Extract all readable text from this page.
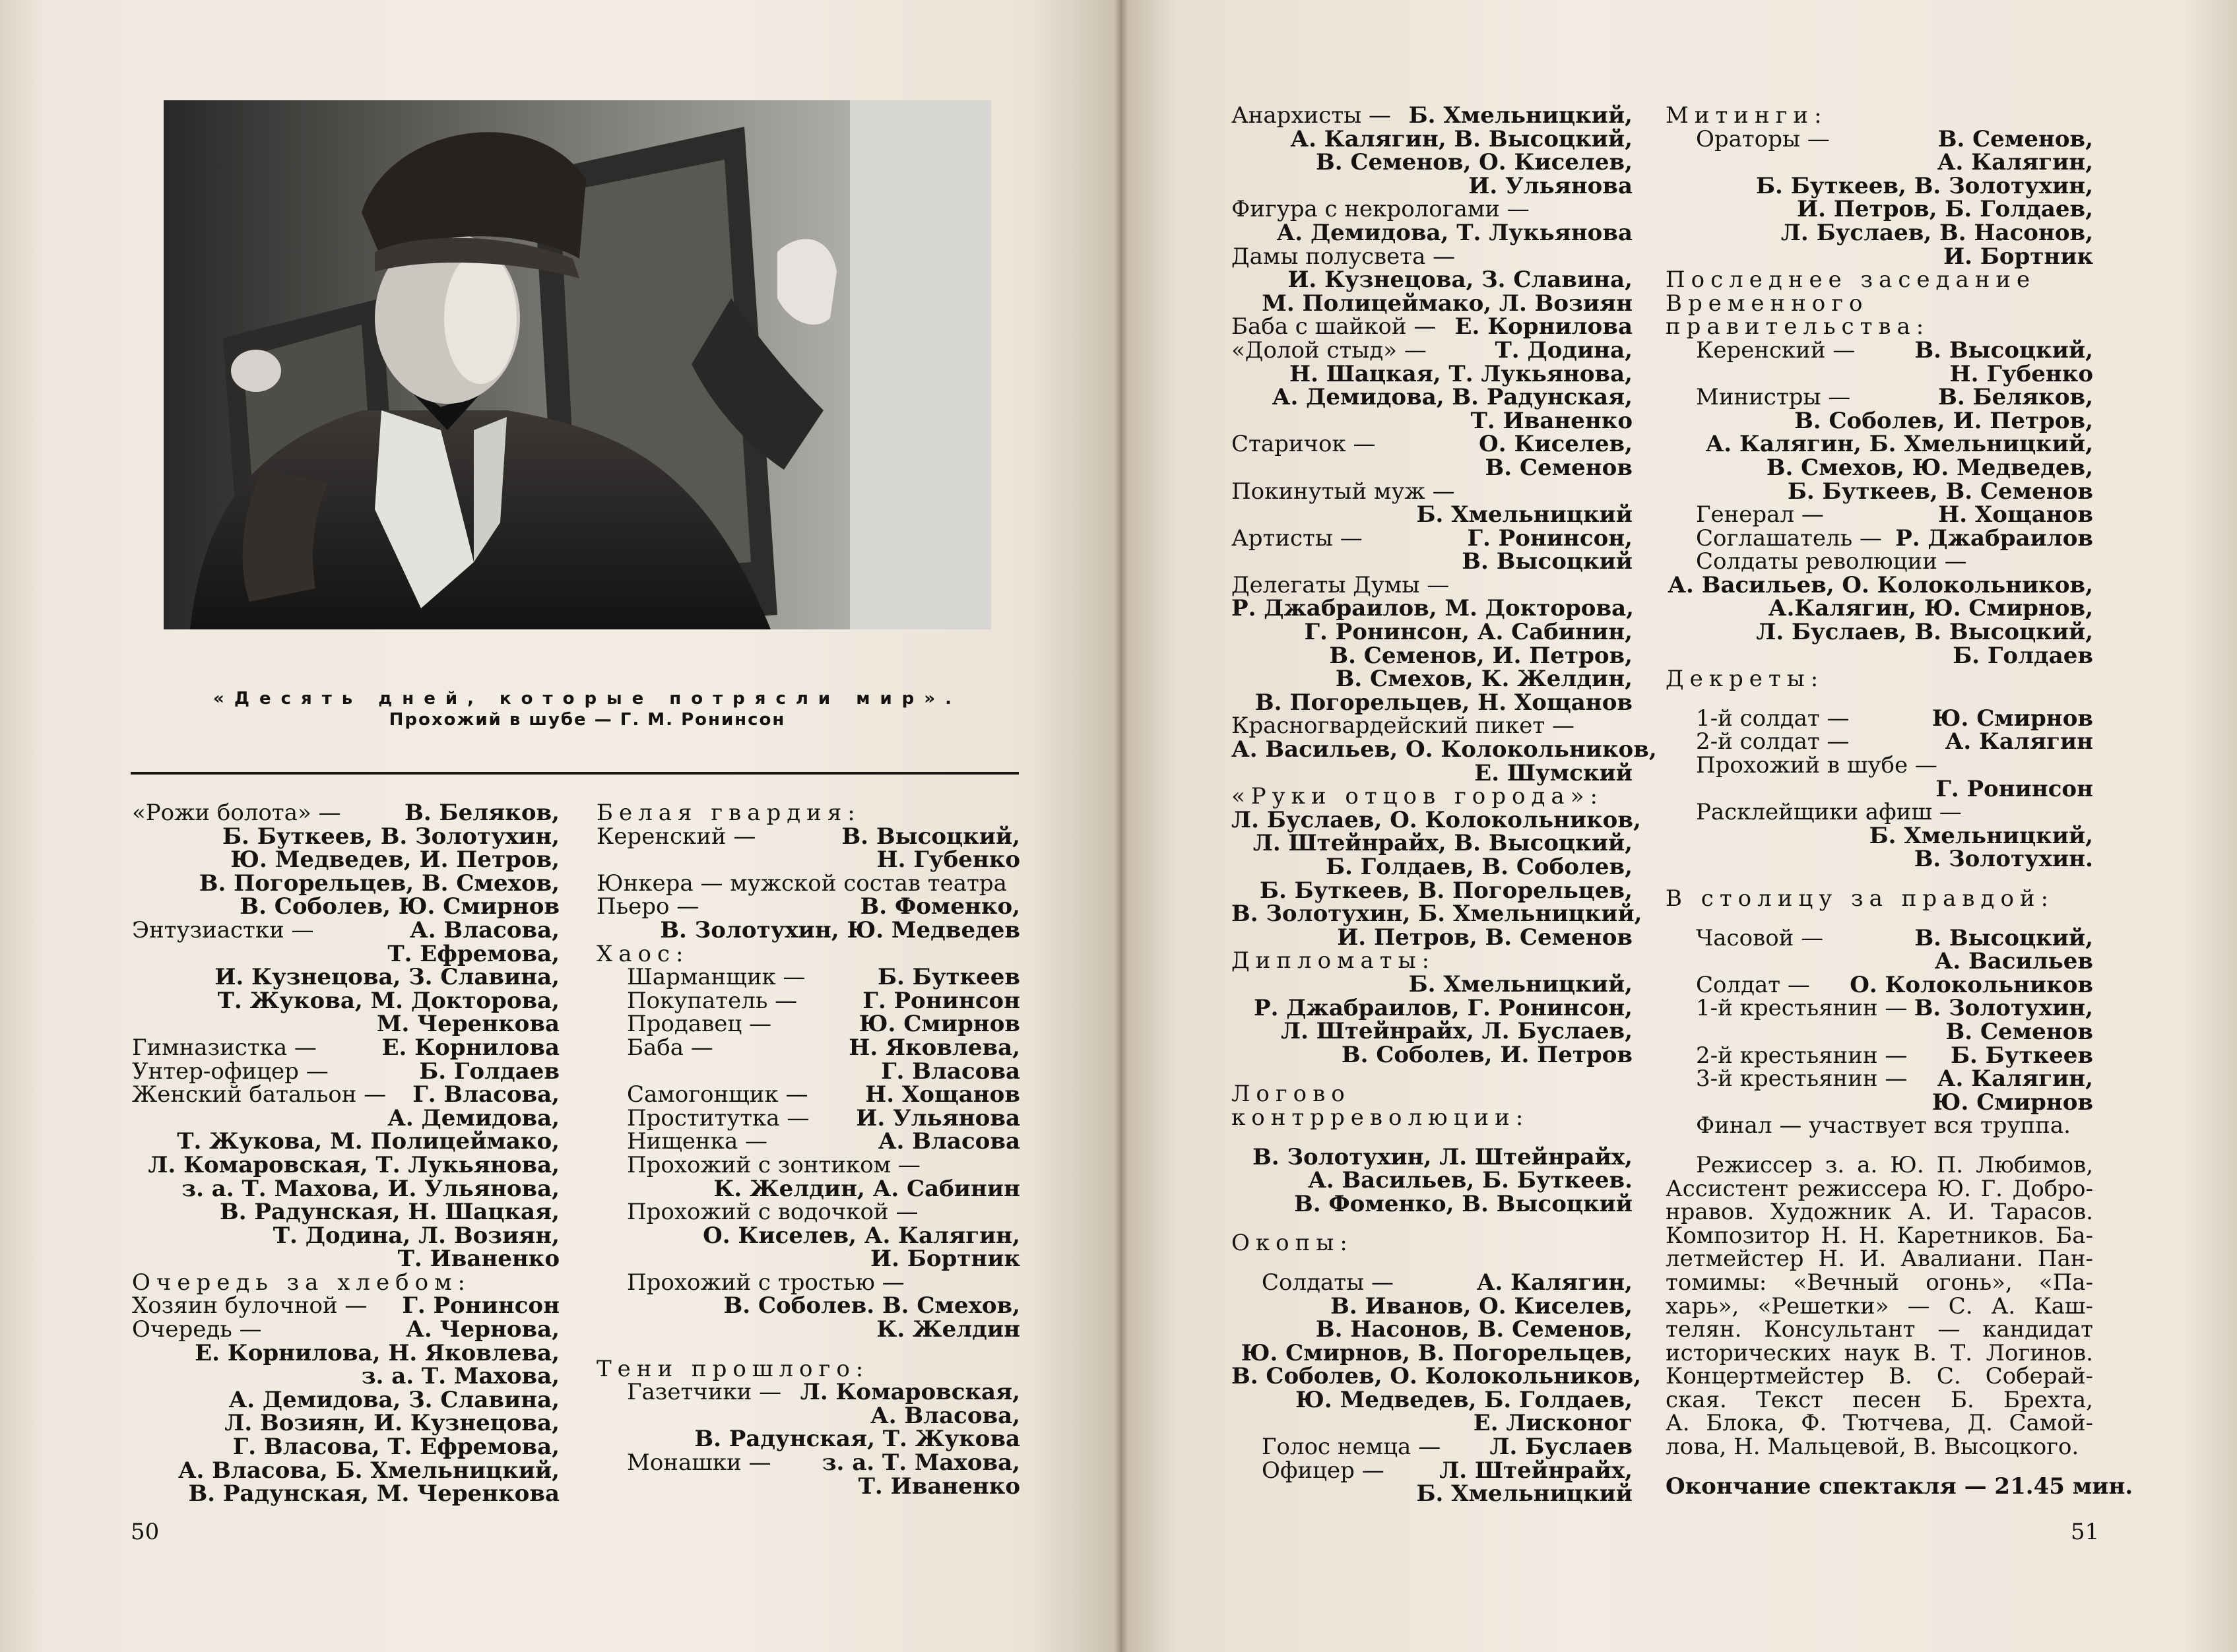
«Десять дней, которые потрясли мир».
Прохожий в шубе — Г. М. Ронинсон
«Рожи болота» —	В. Беляков,
Б. Буткеев, В. Золотухин,
Ю. Медведев, И. Петров,
В. Погорельцев, В. Смехов,
В. Соболев, Ю. Смирнов
Энтузиастки —	А. Власова,
Т. Ефремова,
И. Кузнецова, З. Славина,
Т. Жукова, М. Докторова,
М. Черенкова
Гимназистка —	Е. Корнилова
Унтер-офицер —	Б. Голдаев
Женский батальон — Г. Власова,
А. Демидова,
Т. Жукова, М. Полицеймако,
Л. Комаровская, Т. Лукьянова,
з. а. Т. Махова, И. Ульянова,
В. Радунская, Н. Шацкая,
Т. Додина, Л. Возиян,
Т. Иваненко
Очередь за хлебом:
Хозяин булочной — Г. Ронинсон
Очередь —	А. Чернова,
Е. Корнилова, Н. Яковлева,
з. а. Т. Махова,
А. Демидова, З. Славина,
Л. Возиян, И. Кузнецова,
Г. Власова, Т. Ефремова,
А. Власова, Б. Хмельницкий,
В. Радунская, М. Черенкова
Белая гвардия:
Керенский —	В. Высоцкий,
Н. Губенко
Юнкера — мужской состав театра
Пьеро —	В. Фоменко,
В. Золотухин, Ю. Медведев
Хаос:
Шарманщик —	Б. Буткеев
Покупатель —	Г. Ронинсон
Продавец —	Ю. Смирнов
Баба —	Н. Яковлева,
Г. Власова
Самогонщик —	Н. Хощанов
Проститутка — И. Ульянова
Нищенка —	А. Власова
Прохожий с зонтиком —
К. Желдин, А. Сабинин
Прохожий с водочкой —
О. Киселев, А. Калягин,
И. Бортник
Прохожий с тростью —
В. Соболев. В. Смехов,
К. Желдин
Тени прошлого:
Газетчики — Л. Комаровская,
А. Власова,
В. Радунская, Т. Жукова
Монашки — з. а. Т. Махова,
Т. Иваненко
50
Анархисты — Б. Хмельницкий,
А. Калягин, В. Высоцкий,
В. Семенов, О. Киселев,
И. Ульянова
Фигура с некрологами —
А. Демидова, Т. Лукьянова
Дамы полусвета —
И. Кузнецова, З. Славина,
М. Полицеймако, Л. Возиян
Баба с шайкой — Е. Корнилова
«Долой стыд» —	Т. Додина,
Н. Шацкая, Т. Лукьянова,
А. Демидова, В. Радунская,
Т. Иваненко
Старичок —	О. Киселев,
В. Семенов
Покинутый муж —
Б. Хмельницкий
Артисты —	Г. Ронинсон,
В. Высоцкий
Делегаты Думы —
Р. Джабраилов, М. Докторова,
Г. Ронинсон, А. Сабинин,
В. Семенов, И. Петров,
В. Смехов, К. Желдин,
В. Погорельцев, Н. Хощанов
Красногвардейский пикет —
А. Васильев, О. Колокольников,
Е. Шумский
«Руки отцов города»:
Л. Буслаев, О. Колокольников,
Л. Штейнрайх, В. Высоцкий,
Б. Голдаев, В. Соболев,
Б. Буткеев, В. Погорельцев,
В. Золотухин, Б. Хмельницкий,
И. Петров, В. Семенов
Дипломаты:
Б. Хмельницкий,
Р. Джабраилов, Г. Ронинсон,
Л. Штейнрайх, Л. Буслаев,
В. Соболев, И. Петров
Логово
контрреволюции:
В. Золотухин, Л. Штейнрайх,
А. Васильев, Б. Буткеев.
В. Фоменко, В. Высоцкий
Окопы:
Солдаты —	А. Калягин,
В. Иванов, О. Киселев,
В. Насонов, В. Семенов,
Ю. Смирнов, В. Погорельцев,
В. Соболев, О. Колокольников,
Ю. Медведев, Б. Голдаев,
Е. Лисконог
Голос немца — Л. Буслаев
Офицер — Л. Штейнрайх,
Б. Хмельницкий
Митинги:
Ораторы —	В. Семенов,
А. Калягин,
Б. Буткеев, В. Золотухин,
И. Петров, Б. Голдаев,
Л. Буслаев, В. Насонов,
И. Бортник
Последнее заседание
Временного
правительства:
Керенский —	В. Высоцкий,
Н. Губенко
Министры —	В. Беляков,
В. Соболев, И. Петров,
А. Калягин, Б. Хмельницкий,
В. Смехов, Ю. Медведев,
Б. Буткеев, В. Семенов
Генерал —	Н. Хощанов
Соглашатель — Р. Джабраилов
Солдаты революции —
А. Васильев, О. Колокольников,
А.Калягин, Ю. Смирнов,
Л. Буслаев, В. Высоцкий,
Б. Голдаев
Декреты:
1-й солдат —	Ю. Смирнов
2-й солдат —	А. Калягин
Прохожий в шубе —
Г. Ронинсон
Расклейщики афиш —
Б. Хмельницкий,
В. Золотухин.
В столицу за правдой:
Часовой —	В. Высоцкий,
А. Васильев
Солдат — О. Колокольников
1-й крестьянин — В. Золотухин,
В. Семенов
2-й крестьянин — Б. Буткеев
3-й крестьянин — А. Калягин,
Ю. Смирнов
Финал — участвует вся труппа.
Режиссер з. а. Ю. П. Любимов,
Ассистент режиссера Ю. Г. Добро-
нравов. Художник А. И. Тарасов.
Композитор Н. Н. Каретников. Ба-
летмейстер Н. И. Авалиани. Пан-
томимы: «Вечный огонь», «Па-
харь», «Решетки» — С. А. Каш-
телян. Консультант — кандидат
исторических наук В. Т. Логинов.
Концертмейстер В. С. Соберай-
ская. Текст песен Б. Брехта,
А. Блока, Ф. Тютчева, Д. Самой-
лова, Н. Мальцевой, В. Высоцкого.
Окончание спектакля — 21.45 мин.
51
